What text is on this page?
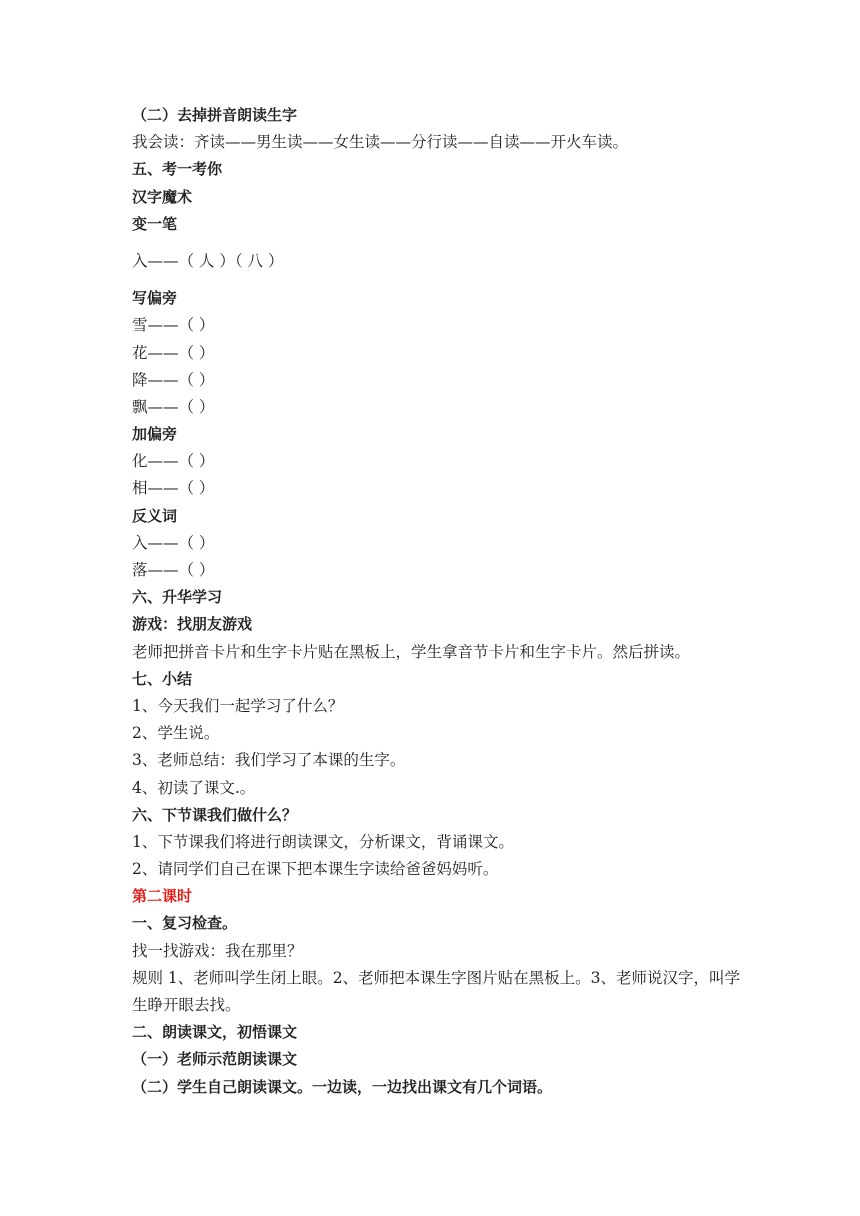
（二）去掉拼音朗读生字
我会读：齐读——男生读——女生读——分行读——自读——开火车读。
五、考一考你
汉字魔术
变一笔
入——（ 人 ）（ 八 ）
写偏旁
雪——（ ）
花——（ ）
降——（ ）
飘——（ ）
加偏旁
化——（ ）
相——（ ）
反义词
入——（ ）
落——（ ）
六、升华学习
游戏：找朋友游戏
老师把拼音卡片和生字卡片贴在黑板上，学生拿音节卡片和生字卡片。然后拼读。
七、小结
1、今天我们一起学习了什么？
2、学生说。
3、老师总结：我们学习了本课的生字。
4、初读了课文.。
六、下节课我们做什么？
1、下节课我们将进行朗读课文，分析课文，背诵课文。
2、请同学们自己在课下把本课生字读给爸爸妈妈听。
第二课时
一、复习检查。
找一找游戏：我在那里？
规则 1、老师叫学生闭上眼。2、老师把本课生字图片贴在黑板上。3、老师说汉字，叫学生睁开眼去找。
二、朗读课文，初悟课文
（一）老师示范朗读课文
（二）学生自己朗读课文。一边读，一边找出课文有几个词语。
